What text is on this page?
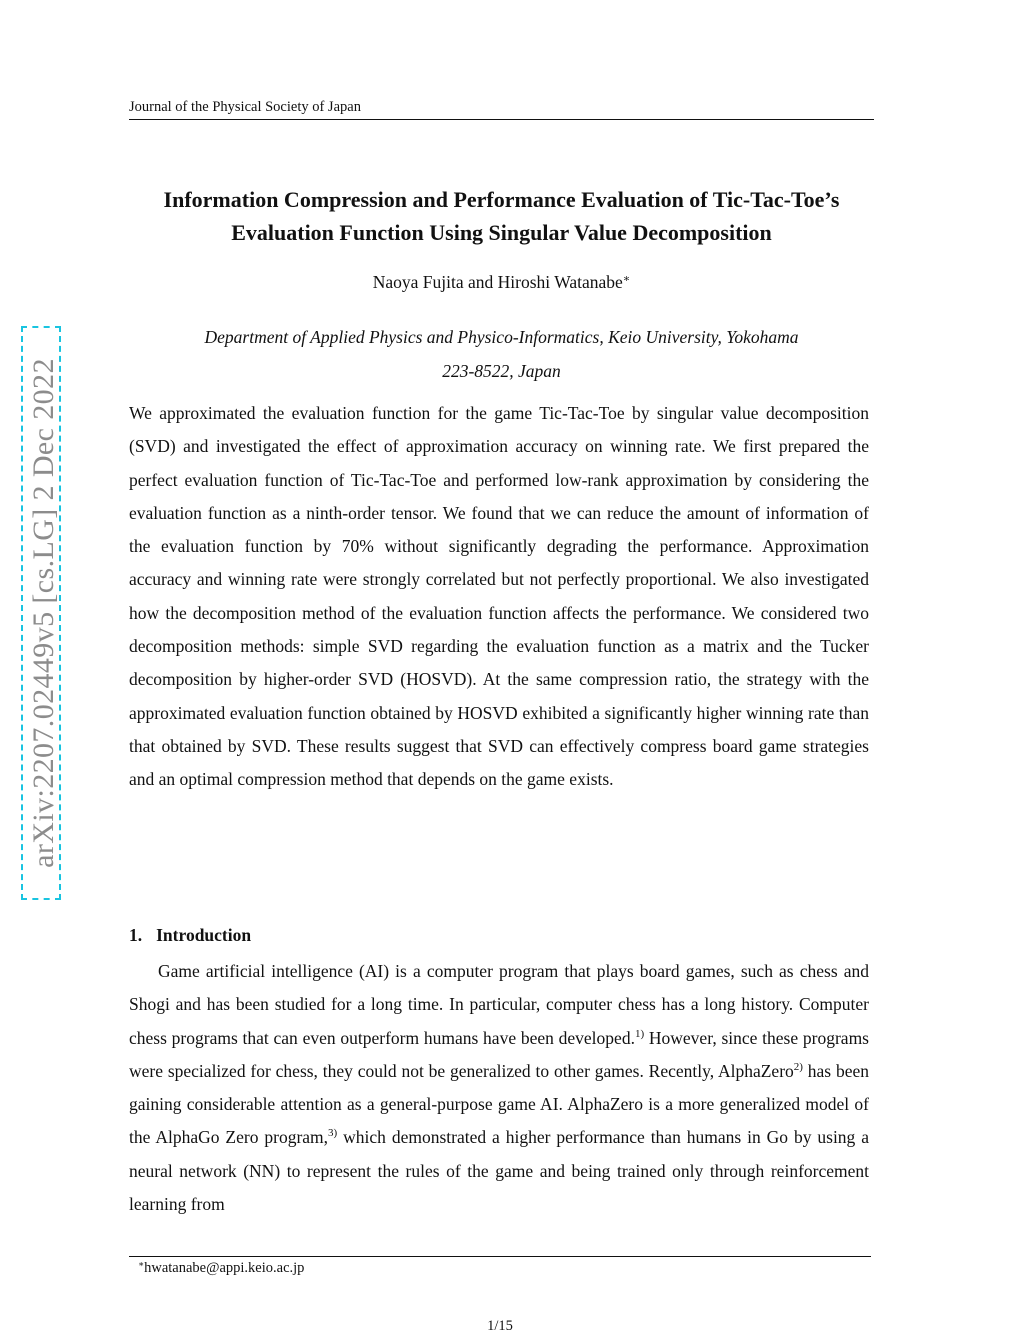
Journal of the Physical Society of Japan
Information Compression and Performance Evaluation of Tic-Tac-Toe’s
Evaluation Function Using Singular Value Decomposition
Naoya Fujita and Hiroshi Watanabe∗
Department of Applied Physics and Physico-Informatics, Keio University, Yokohama
223-8522, Japan

We approximated the evaluation function for the game Tic-Tac-Toe by singular value decomposition (SVD) and investigated the effect of approximation accuracy on winning rate. We first prepared the perfect evaluation function of Tic-Tac-Toe and performed low-rank approximation by considering the evaluation function as a ninth-order tensor. We found that we can reduce the amount of information of the evaluation function by 70% without significantly degrading the performance. Approximation accuracy and winning rate were strongly correlated but not perfectly proportional. We also investigated how the decomposition method of the evaluation function affects the performance. We considered two decomposition methods: simple SVD regarding the evaluation function as a matrix and the Tucker decomposition by higher-order SVD (HOSVD). At the same compression ratio, the strategy with the approximated evaluation function obtained by HOSVD exhibited a significantly higher winning rate than that obtained by SVD. These results suggest that SVD can effectively compress board game strategies and an optimal compression method that depends on the game exists.

1. Introduction

Game artificial intelligence (AI) is a computer program that plays board games, such as chess and Shogi and has been studied for a long time. In particular, computer chess has a long history. Computer chess programs that can even outperform humans have been developed.$^{1)}$ However, since these programs were specialized for chess, they could not be generalized to other games. Recently, AlphaZero$^{2)}$ has been gaining considerable attention as a general-purpose game AI. AlphaZero is a more generalized model of the AlphaGo Zero program,$^{3)}$ which demonstrated a higher performance than humans in Go by using a neural network (NN) to represent the rules of the game and being trained only through reinforcement learning from

∗hwatanabe@appi.keio.ac.jp
1/15
arXiv:2207.02449v5 [cs.LG] 2 Dec 2022
